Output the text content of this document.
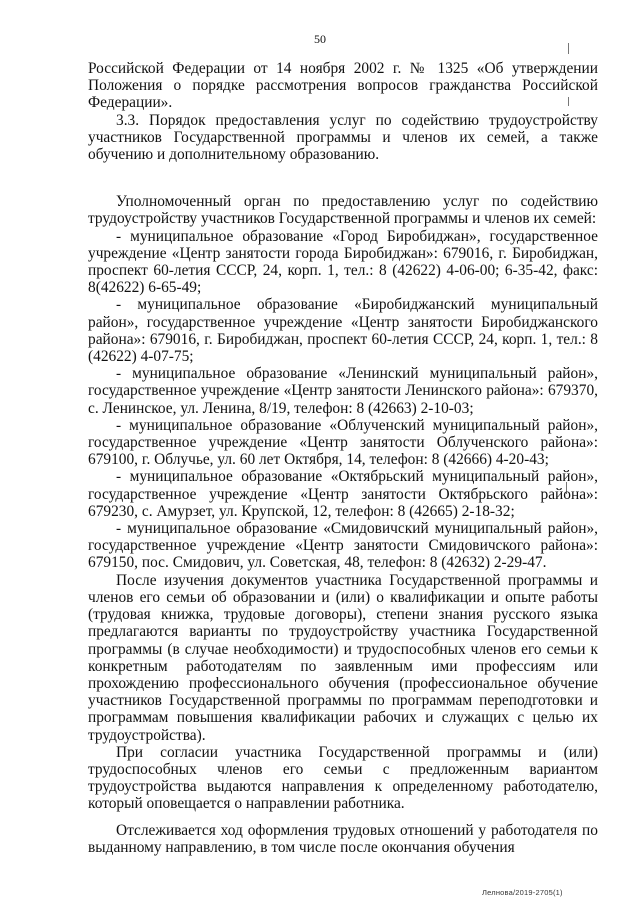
50

Российской Федерации от 14 ноября 2002 г. № 1325 «Об утверждении Положения о порядке рассмотрения вопросов гражданства Российской Федерации».

3.3. Порядок предоставления услуг по содействию трудоустройству участников Государственной программы и членов их семей, а также обучению и дополнительному образованию.

Уполномоченный орган по предоставлению услуг по содействию трудоустройству участников Государственной программы и членов их семей:

- муниципальное образование «Город Биробиджан», государственное учреждение «Центр занятости города Биробиджан»: 679016, г. Биробиджан, проспект 60-летия СССР, 24, корп. 1, тел.: 8 (42622) 4-06-00; 6-35-42, факс: 8(42622) 6-65-49;

- муниципальное образование «Биробиджанский муниципальный район», государственное учреждение «Центр занятости Биробиджанского района»: 679016, г. Биробиджан, проспект 60-летия СССР, 24, корп. 1, тел.: 8 (42622) 4-07-75;

- муниципальное образование «Ленинский муниципальный район», государственное учреждение «Центр занятости Ленинского района»: 679370, с. Ленинское, ул. Ленина, 8/19, телефон: 8 (42663) 2-10-03;

- муниципальное образование «Облученский муниципальный район», государственное учреждение «Центр занятости Облученского района»: 679100, г. Облучье, ул. 60 лет Октября, 14, телефон: 8 (42666) 4-20-43;

- муниципальное образование «Октябрьский муниципальный район», государственное учреждение «Центр занятости Октябрьского района»: 679230, с. Амурзет, ул. Крупской, 12, телефон: 8 (42665) 2-18-32;

- муниципальное образование «Смидовичский муниципальный район», государственное учреждение «Центр занятости Смидовичского района»: 679150, пос. Смидович, ул. Советская, 48, телефон: 8 (42632) 2-29-47.

После изучения документов участника Государственной программы и членов его семьи об образовании и (или) о квалификации и опыте работы (трудовая книжка, трудовые договоры), степени знания русского языка предлагаются варианты по трудоустройству участника Государственной программы (в случае необходимости) и трудоспособных членов его семьи к конкретным работодателям по заявленным ими профессиям или прохождению профессионального обучения (профессиональное обучение участников Государственной программы по программам переподготовки и программам повышения квалификации рабочих и служащих с целью их трудоустройства).

При согласии участника Государственной программы и (или) трудоспособных членов его семьи с предложенным вариантом трудоустройства выдаются направления к определенному работодателю, который оповещается о направлении работника.

Отслеживается ход оформления трудовых отношений у работодателя по выданному направлению, в том числе после окончания обучения

Лелнова/2019-2705(1)
